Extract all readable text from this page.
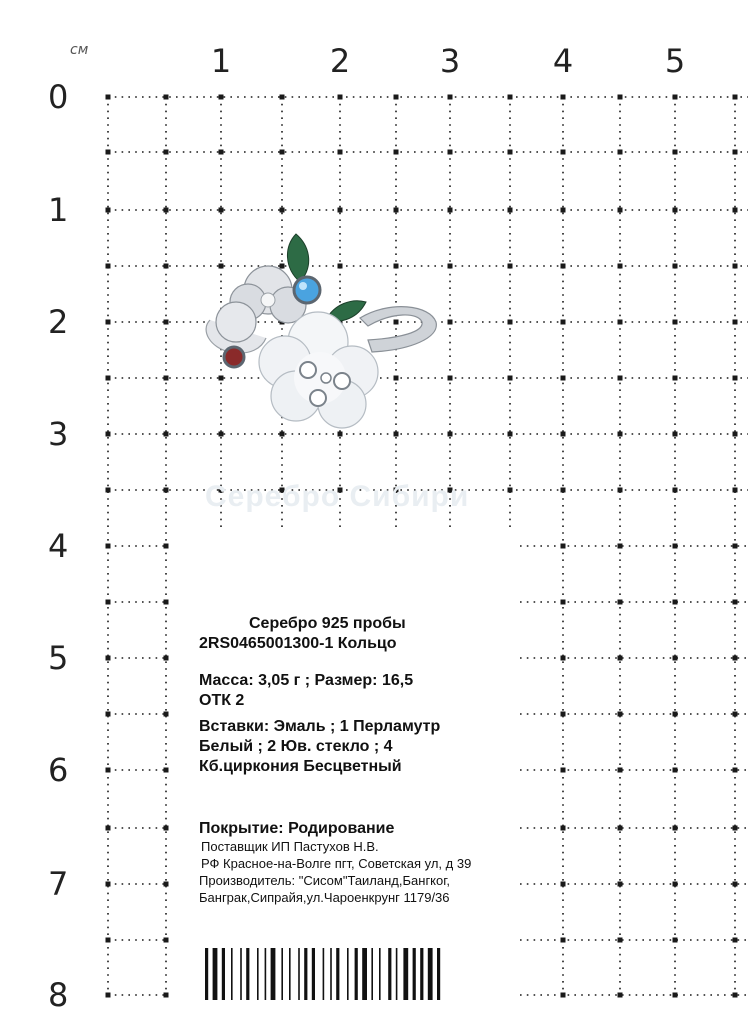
Серебро Сибири
см	1	2	3	4	5
0
1
2
3
4
5
6
7
8
Серебро 925 пробы
2RS0465001300-1 Кольцо
Масса: 3,05 г ; Размер: 16,5
ОТК 2
Вставки: Эмаль ; 1 Перламутр
Белый ; 2 Юв. стекло ; 4
Кб.циркония Бесцветный
Покрытие: Родирование
Поставщик ИП Пастухов Н.В.
РФ Красное-на-Волге пгт, Советская ул, д 39
Производитель: "Сисом"Таиланд,Бангког,
Банграк,Сипрайя,ул.Чароенкрунг 1179/36
